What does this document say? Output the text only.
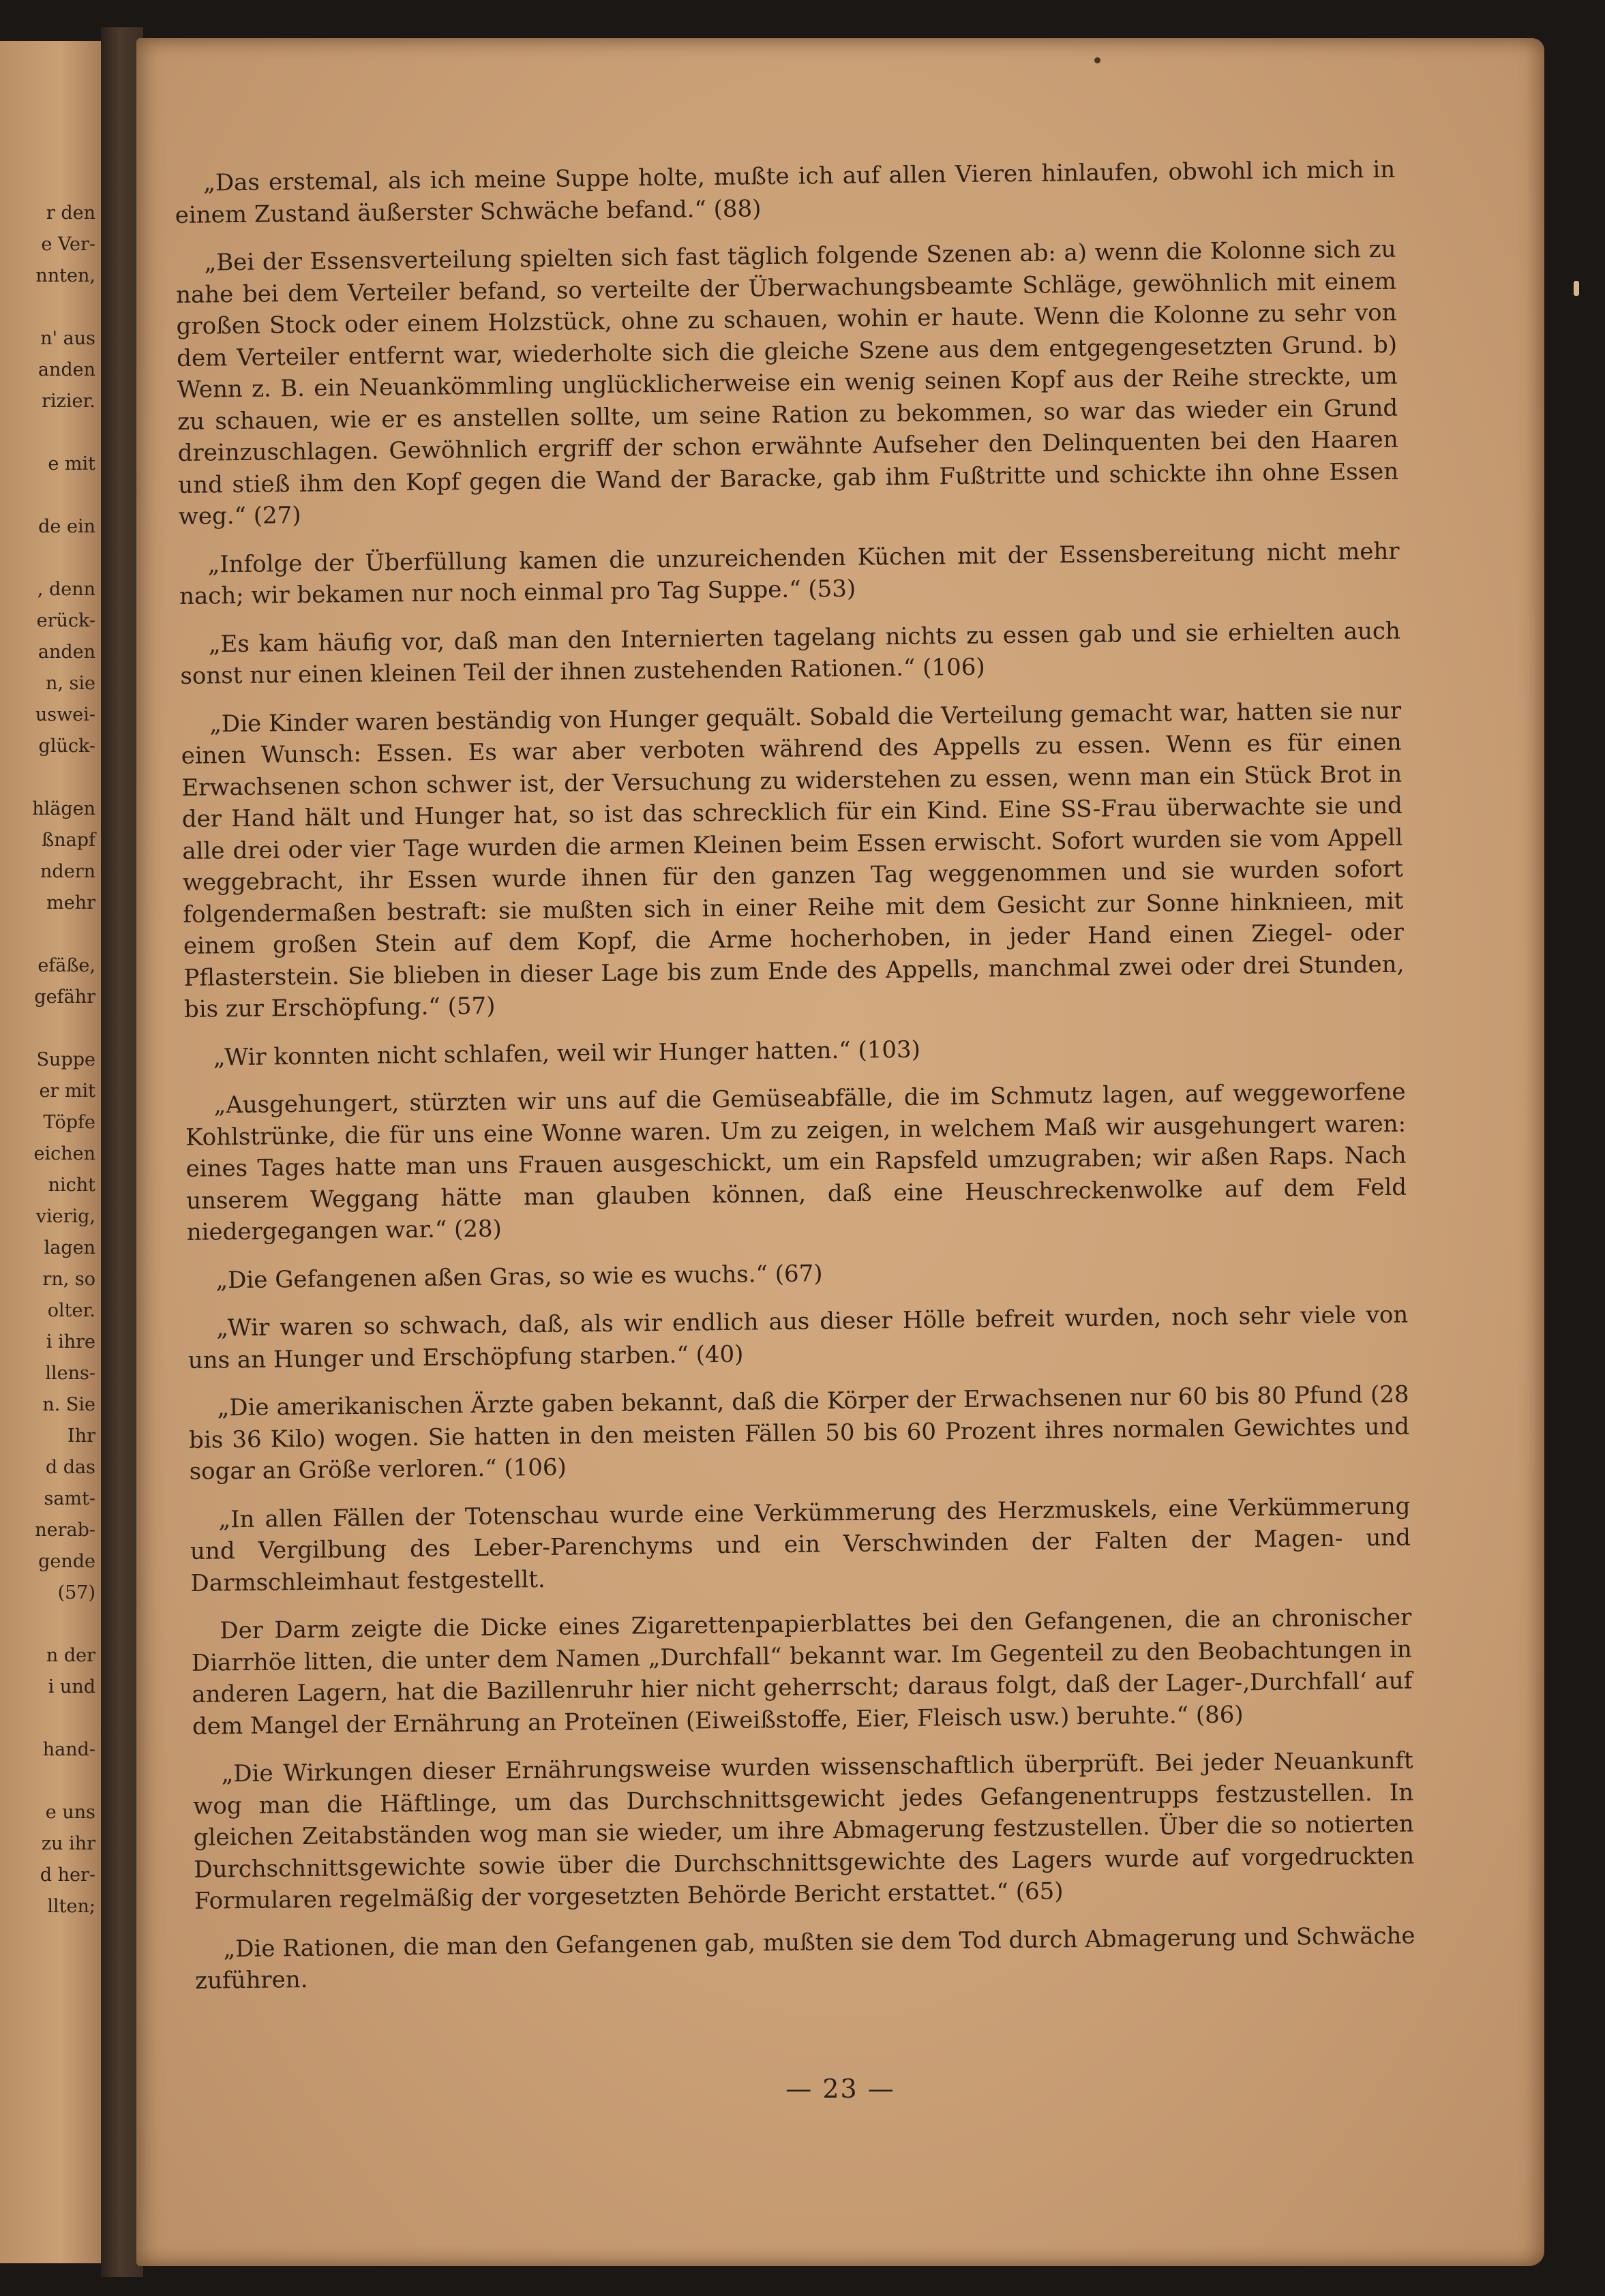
r den
e Ver-
nnten,
n' aus
anden
rizier.
e mit
de ein
, denn
erück-
anden
n, sie
uswei-
glück-
hlägen
ßnapf
ndern
mehr
efäße,
gefähr
Suppe
er mit
Töpfe
eichen
nicht
vierig,
lagen
rn, so
olter.
i ihre
llens-
n. Sie
Ihr
d das
samt-
nerab-
gende
(57)
n der
i und
hand-
e uns
zu ihr
d her-
llten;

„Das erstemal, als ich meine Suppe holte, mußte ich auf allen Vieren hinlaufen, obwohl ich mich in einem Zustand äußerster Schwäche befand.“ (88)

„Bei der Essensverteilung spielten sich fast täglich folgende Szenen ab: a) wenn die Kolonne sich zu nahe bei dem Verteiler befand, so verteilte der Überwachungsbeamte Schläge, gewöhnlich mit einem großen Stock oder einem Holzstück, ohne zu schauen, wohin er haute. Wenn die Kolonne zu sehr von dem Verteiler entfernt war, wiederholte sich die gleiche Szene aus dem entgegengesetzten Grund. b) Wenn z. B. ein Neuankömmling unglücklicherweise ein wenig seinen Kopf aus der Reihe streckte, um zu schauen, wie er es anstellen sollte, um seine Ration zu bekommen, so war das wieder ein Grund dreinzuschlagen. Gewöhnlich ergriff der schon erwähnte Aufseher den Delinquenten bei den Haaren und stieß ihm den Kopf gegen die Wand der Baracke, gab ihm Fußtritte und schickte ihn ohne Essen weg.“ (27)

„Infolge der Überfüllung kamen die unzureichenden Küchen mit der Essensbereitung nicht mehr nach; wir bekamen nur noch einmal pro Tag Suppe.“ (53)

„Es kam häufig vor, daß man den Internierten tagelang nichts zu essen gab und sie erhielten auch sonst nur einen kleinen Teil der ihnen zustehenden Rationen.“ (106)

„Die Kinder waren beständig von Hunger gequält. Sobald die Verteilung gemacht war, hatten sie nur einen Wunsch: Essen. Es war aber verboten während des Appells zu essen. Wenn es für einen Erwachsenen schon schwer ist, der Versuchung zu widerstehen zu essen, wenn man ein Stück Brot in der Hand hält und Hunger hat, so ist das schrecklich für ein Kind. Eine SS-Frau überwachte sie und alle drei oder vier Tage wurden die armen Kleinen beim Essen erwischt. Sofort wurden sie vom Appell weggebracht, ihr Essen wurde ihnen für den ganzen Tag weggenommen und sie wurden sofort folgendermaßen bestraft: sie mußten sich in einer Reihe mit dem Gesicht zur Sonne hinknieen, mit einem großen Stein auf dem Kopf, die Arme hocherhoben, in jeder Hand einen Ziegel- oder Pflasterstein. Sie blieben in dieser Lage bis zum Ende des Appells, manchmal zwei oder drei Stunden, bis zur Erschöpfung.“ (57)

„Wir konnten nicht schlafen, weil wir Hunger hatten.“ (103)

„Ausgehungert, stürzten wir uns auf die Gemüseabfälle, die im Schmutz lagen, auf weggeworfene Kohlstrünke, die für uns eine Wonne waren. Um zu zeigen, in welchem Maß wir ausgehungert waren: eines Tages hatte man uns Frauen ausgeschickt, um ein Rapsfeld umzugraben; wir aßen Raps. Nach unserem Weggang hätte man glauben können, daß eine Heuschreckenwolke auf dem Feld niedergegangen war.“ (28)

„Die Gefangenen aßen Gras, so wie es wuchs.“ (67)

„Wir waren so schwach, daß, als wir endlich aus dieser Hölle befreit wurden, noch sehr viele von uns an Hunger und Erschöpfung starben.“ (40)

„Die amerikanischen Ärzte gaben bekannt, daß die Körper der Erwachsenen nur 60 bis 80 Pfund (28 bis 36 Kilo) wogen. Sie hatten in den meisten Fällen 50 bis 60 Prozent ihres normalen Gewichtes und sogar an Größe verloren.“ (106)

„In allen Fällen der Totenschau wurde eine Verkümmerung des Herzmuskels, eine Verkümmerung und Vergilbung des Leber-Parenchyms und ein Verschwinden der Falten der Magen- und Darmschleimhaut festgestellt.

Der Darm zeigte die Dicke eines Zigarettenpapierblattes bei den Gefangenen, die an chronischer Diarrhöe litten, die unter dem Namen „Durchfall“ bekannt war. Im Gegenteil zu den Beobachtungen in anderen Lagern, hat die Bazillenruhr hier nicht geherrscht; daraus folgt, daß der Lager-‚Durchfall‘ auf dem Mangel der Ernährung an Proteïnen (Eiweißstoffe, Eier, Fleisch usw.) beruhte.“ (86)

„Die Wirkungen dieser Ernährungsweise wurden wissenschaftlich überprüft. Bei jeder Neuankunft wog man die Häftlinge, um das Durchschnittsgewicht jedes Gefangenentrupps festzustellen. In gleichen Zeitabständen wog man sie wieder, um ihre Abmagerung festzustellen. Über die so notierten Durchschnittsgewichte sowie über die Durchschnittsgewichte des Lagers wurde auf vorgedruckten Formularen regelmäßig der vorgesetzten Behörde Bericht erstattet.“ (65)

„Die Rationen, die man den Gefangenen gab, mußten sie dem Tod durch Abmagerung und Schwäche zuführen.

— 23 —
